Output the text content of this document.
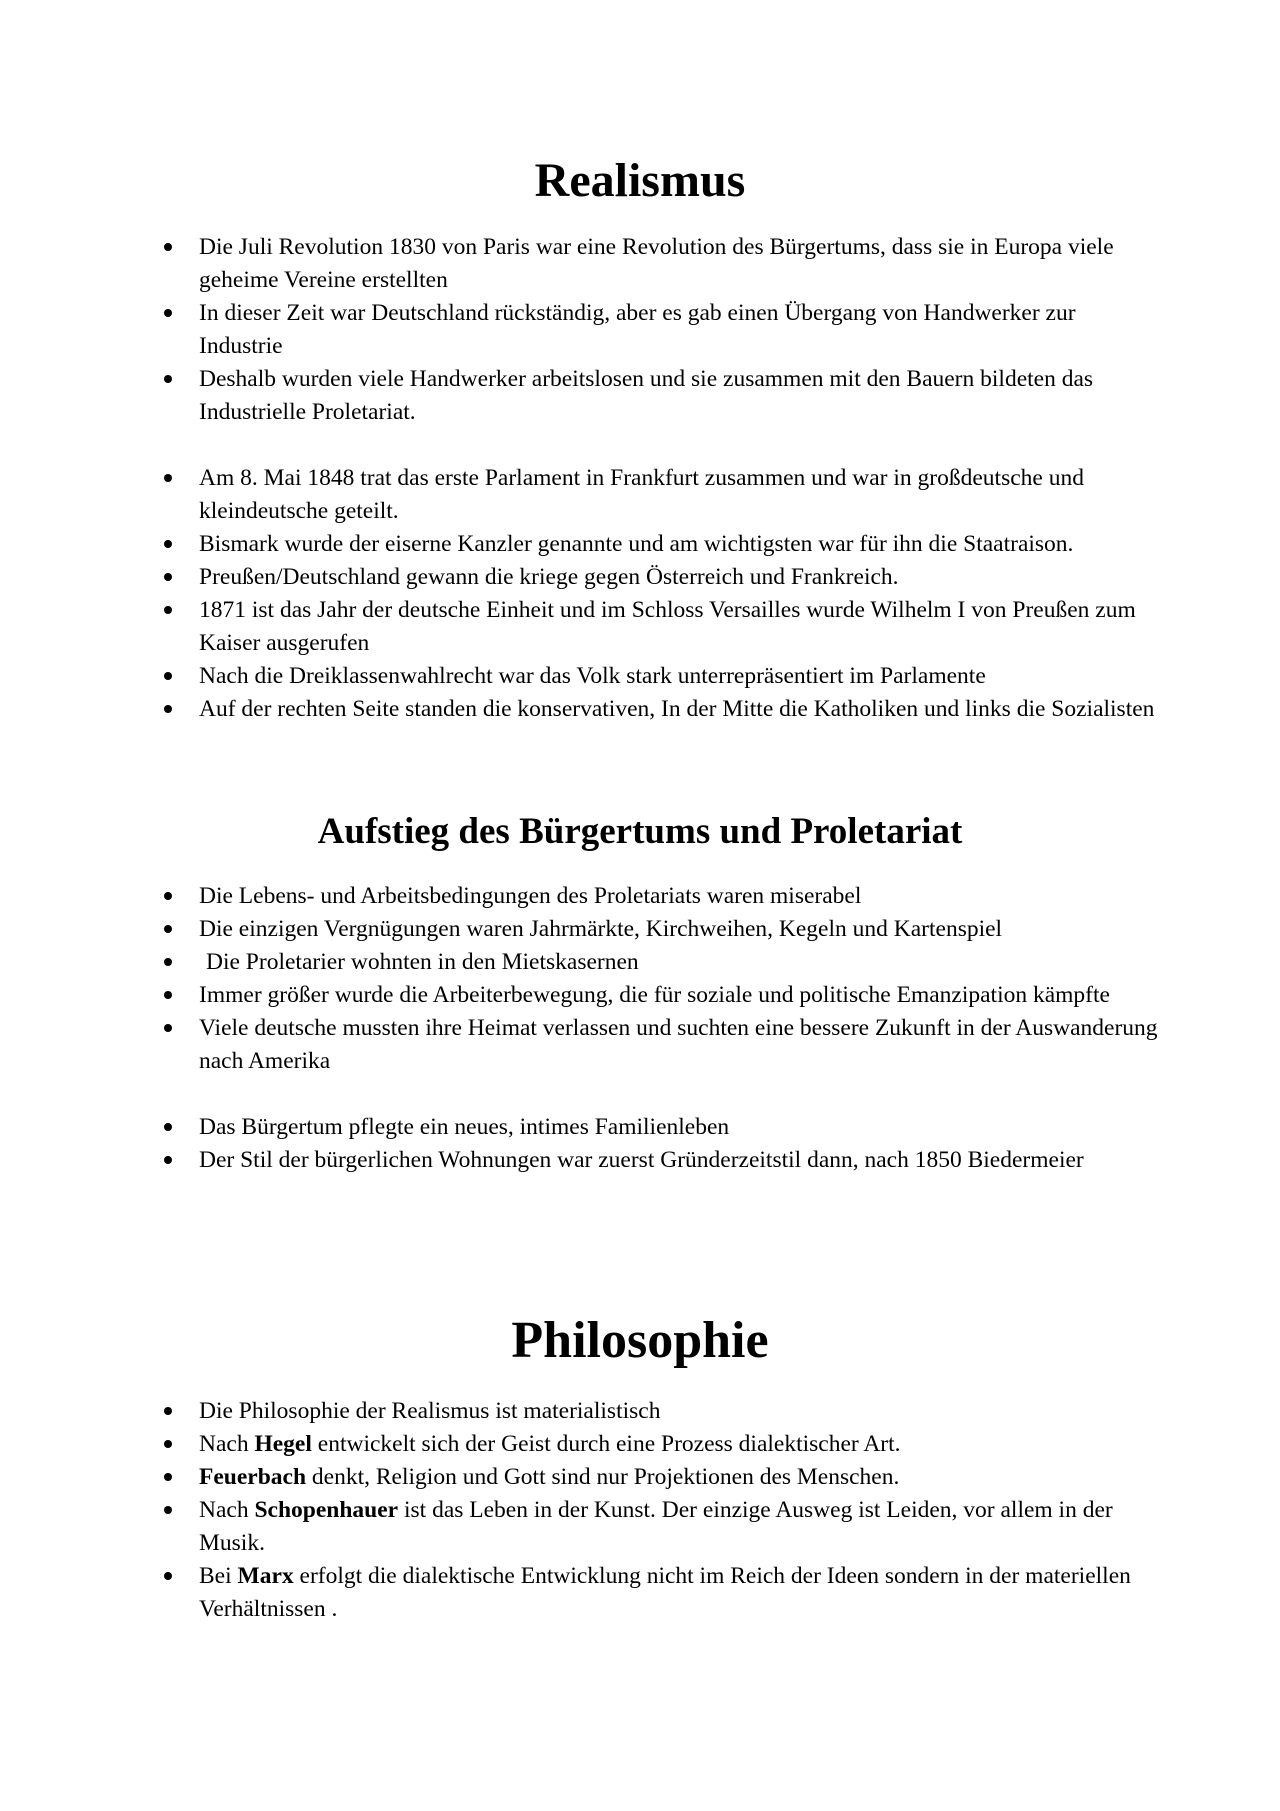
Realismus
Die Juli Revolution 1830 von Paris war eine Revolution des Bürgertums, dass sie in Europa viele geheime Vereine erstellten
In dieser Zeit war Deutschland rückständig, aber es gab einen Übergang von Handwerker zur Industrie
Deshalb wurden viele Handwerker arbeitslosen und sie zusammen mit den Bauern bildeten das Industrielle Proletariat.
Am 8. Mai 1848 trat das erste Parlament in Frankfurt zusammen und war in großdeutsche und kleindeutsche geteilt.
Bismark wurde der eiserne Kanzler genannte und am wichtigsten war für ihn die Staatraison.
Preußen/Deutschland gewann die kriege gegen Österreich und Frankreich.
1871 ist das Jahr der deutsche Einheit und im Schloss Versailles wurde Wilhelm I von Preußen zum Kaiser ausgerufen
Nach die Dreiklassenwahlrecht war das Volk stark unterrepräsentiert im Parlamente
Auf der rechten Seite standen die konservativen, In der Mitte die Katholiken und links die Sozialisten
Aufstieg des Bürgertums und Proletariat
Die Lebens- und Arbeitsbedingungen des Proletariats waren miserabel
Die einzigen Vergnügungen waren Jahrmärkte, Kirchweihen, Kegeln und Kartenspiel
Die Proletarier wohnten in den Mietskasernen
Immer größer wurde die Arbeiterbewegung, die für soziale und politische Emanzipation kämpfte
Viele deutsche mussten ihre Heimat verlassen und suchten eine bessere Zukunft in der Auswanderung nach Amerika
Das Bürgertum pflegte ein neues, intimes Familienleben
Der Stil der bürgerlichen Wohnungen war zuerst Gründerzeitstil dann, nach 1850 Biedermeier
Philosophie
Die Philosophie der Realismus ist materialistisch
Nach Hegel entwickelt sich der Geist durch eine Prozess dialektischer Art.
Feuerbach denkt, Religion und Gott sind nur Projektionen des Menschen.
Nach Schopenhauer ist das Leben in der Kunst. Der einzige Ausweg ist Leiden, vor allem in der Musik.
Bei Marx erfolgt die dialektische Entwicklung nicht im Reich der Ideen sondern in der materiellen Verhältnissen .
